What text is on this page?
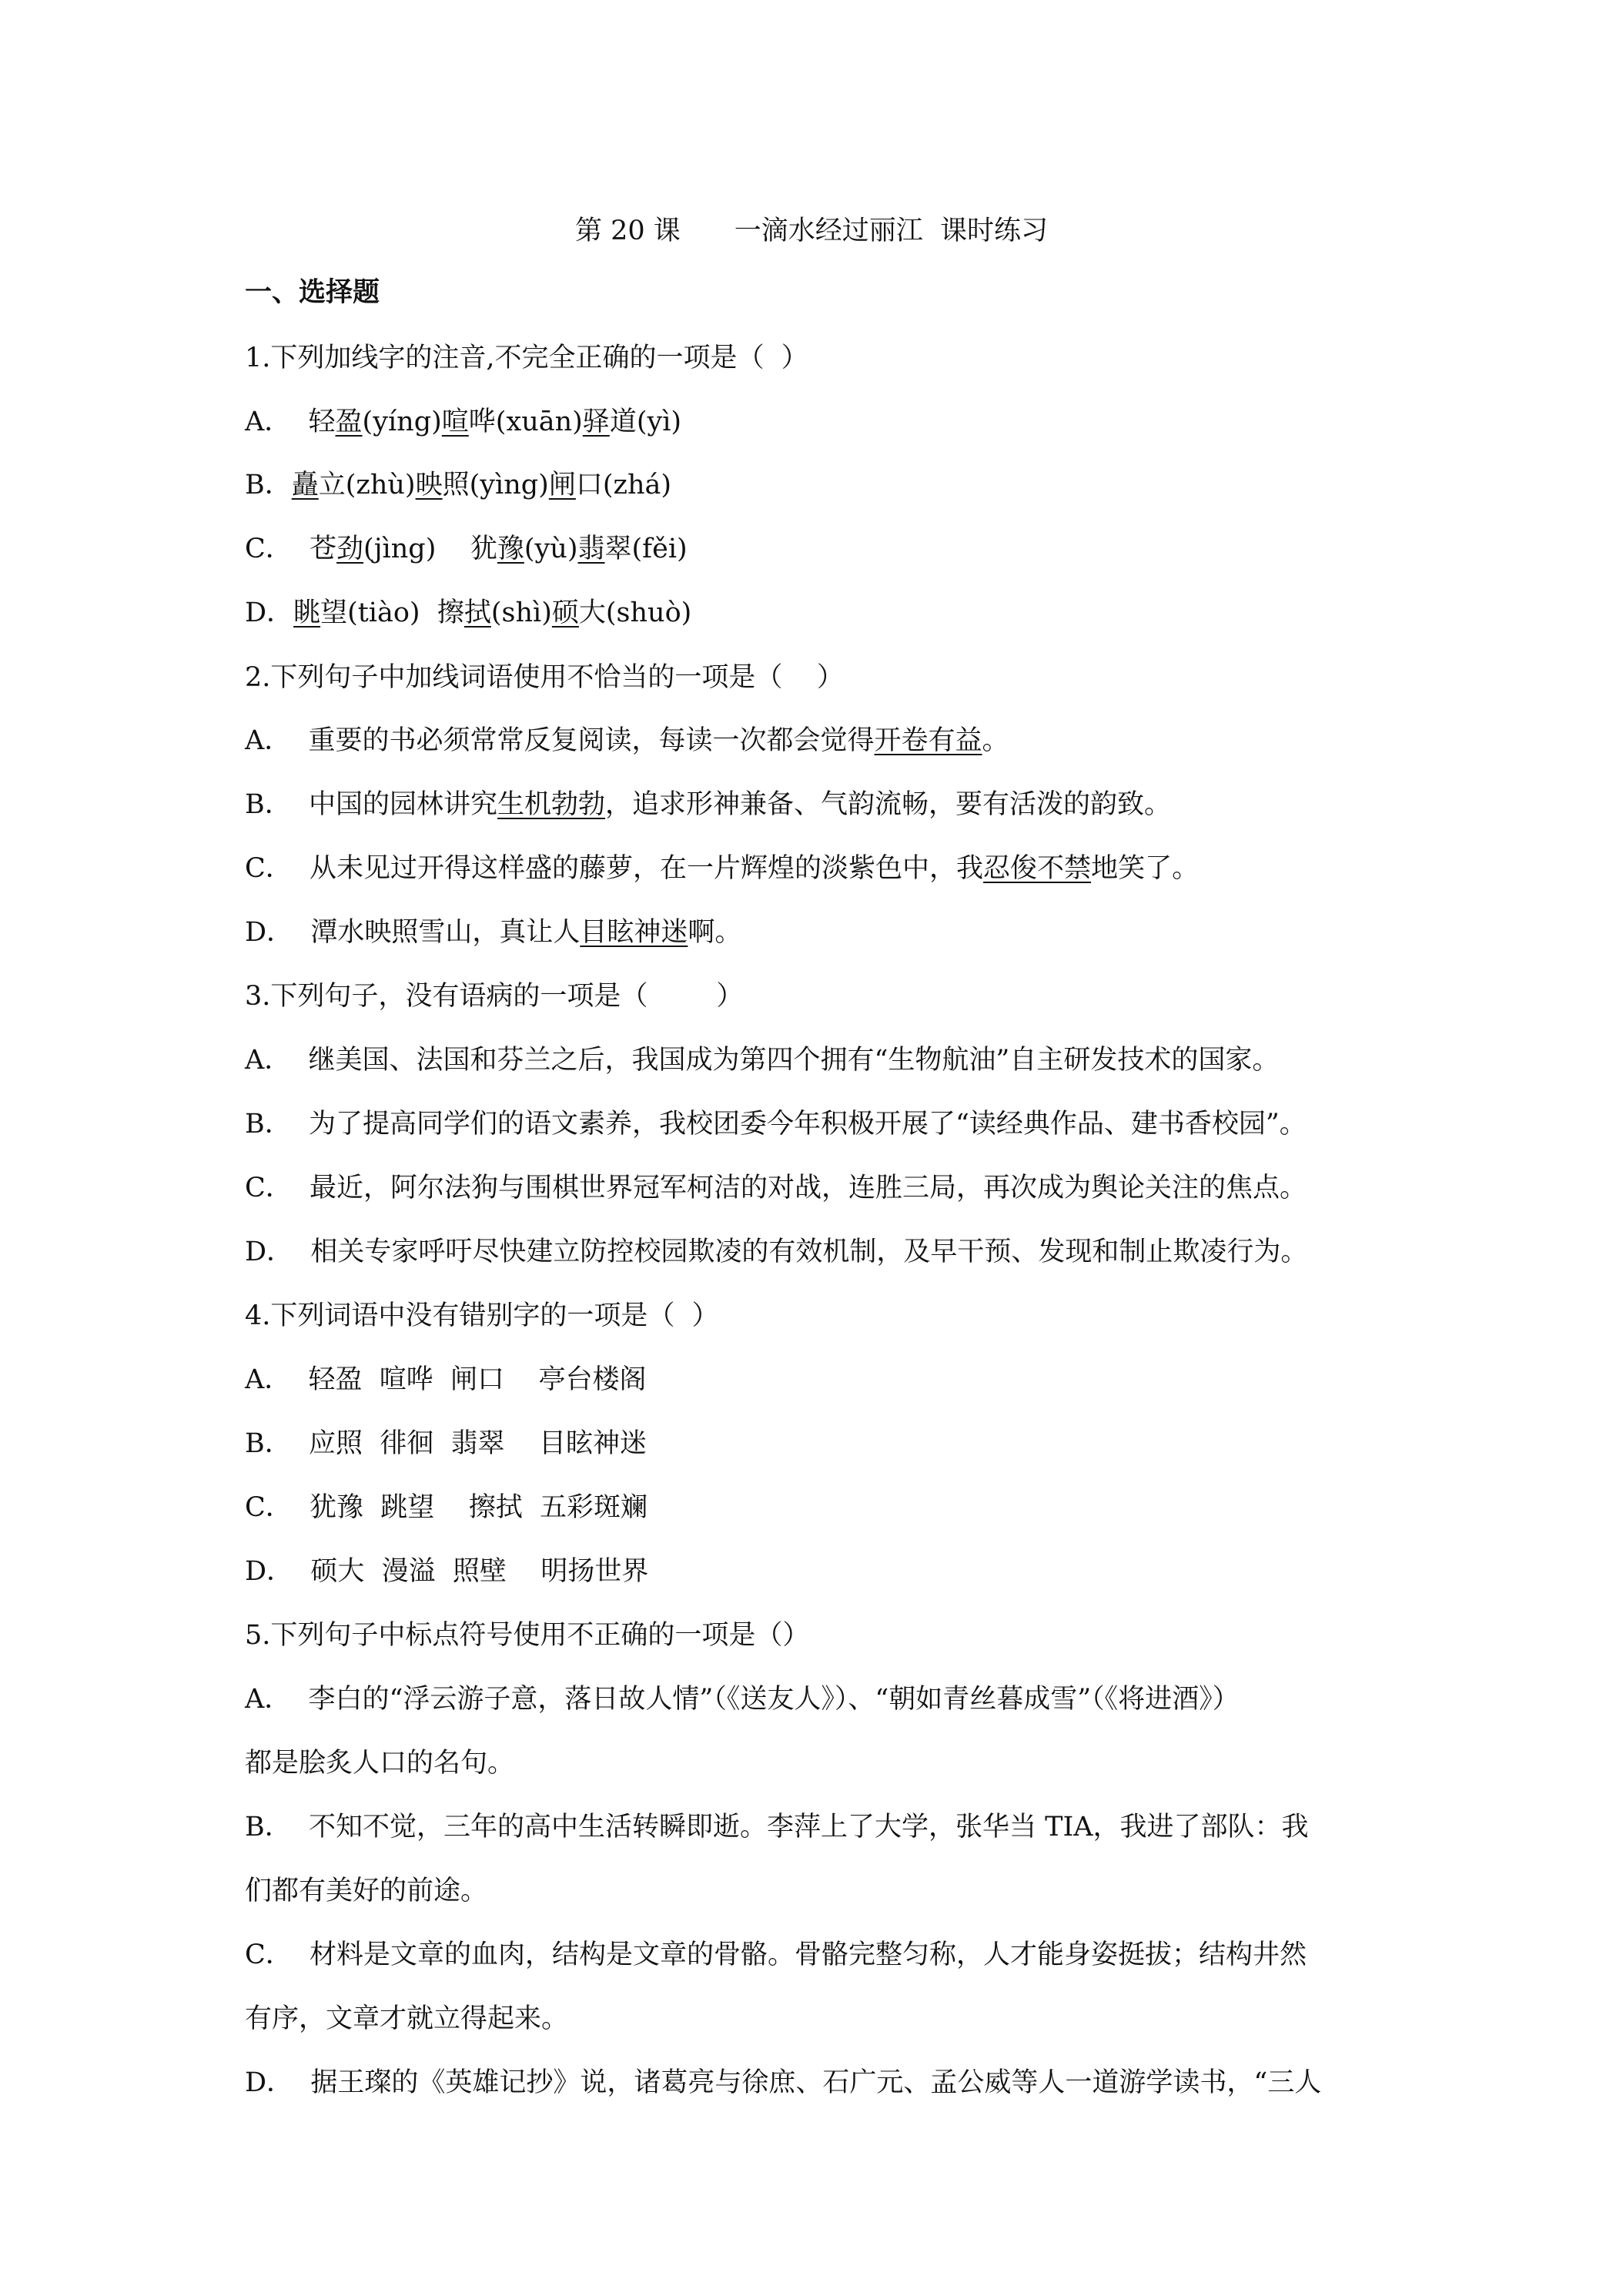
第 20 课　　一滴水经过丽江  课时练习
一、选择题
1.下列加线字的注音,不完全正确的一项是（  ）
A．  轻盈(yíng)喧哗(xuān)驿道(yì)
B．矗立(zhù)映照(yìng)闸口(zhá)
C．  苍劲(jìng)    犹豫(yù)翡翠(fěi)
D．眺望(tiào)  擦拭(shì)硕大(shuò)
2.下列句子中加线词语使用不恰当的一项是（    ）
A．  重要的书必须常常反复阅读，每读一次都会觉得开卷有益。
B．  中国的园林讲究生机勃勃，追求形神兼备、气韵流畅，要有活泼的韵致。
C．  从未见过开得这样盛的藤萝，在一片辉煌的淡紫色中，我忍俊不禁地笑了。
D．  潭水映照雪山，真让人目眩神迷啊。
3.下列句子，没有语病的一项是（        ）
A．  继美国、法国和芬兰之后，我国成为第四个拥有“生物航油”自主研发技术的国家。
B．  为了提高同学们的语文素养，我校团委今年积极开展了“读经典作品、建书香校园”。
C．  最近，阿尔法狗与围棋世界冠军柯洁的对战，连胜三局，再次成为舆论关注的焦点。
D．  相关专家呼吁尽快建立防控校园欺凌的有效机制，及早干预、发现和制止欺凌行为。
4.下列词语中没有错别字的一项是（  ）
A．  轻盈  喧哗  闸口    亭台楼阁
B．  应照  徘徊  翡翠    目眩神迷
C．  犹豫  跳望    擦拭  五彩斑斓
D．  硕大  漫溢  照壁    明扬世界
5.下列句子中标点符号使用不正确的一项是（）
A．  李白的“浮云游子意，落日故人情”（《送友人》）、“朝如青丝暮成雪”（《将进酒》）
都是脍炙人口的名句。
B．  不知不觉，三年的高中生活转瞬即逝。李萍上了大学，张华当 TIA，我进了部队：我
们都有美好的前途。
C．  材料是文章的血肉，结构是文章的骨骼。骨骼完整匀称，人才能身姿挺拔；结构井然
有序，文章才就立得起来。
D．  据王璨的《英雄记抄》说，诸葛亮与徐庶、石广元、孟公威等人一道游学读书，“三人
